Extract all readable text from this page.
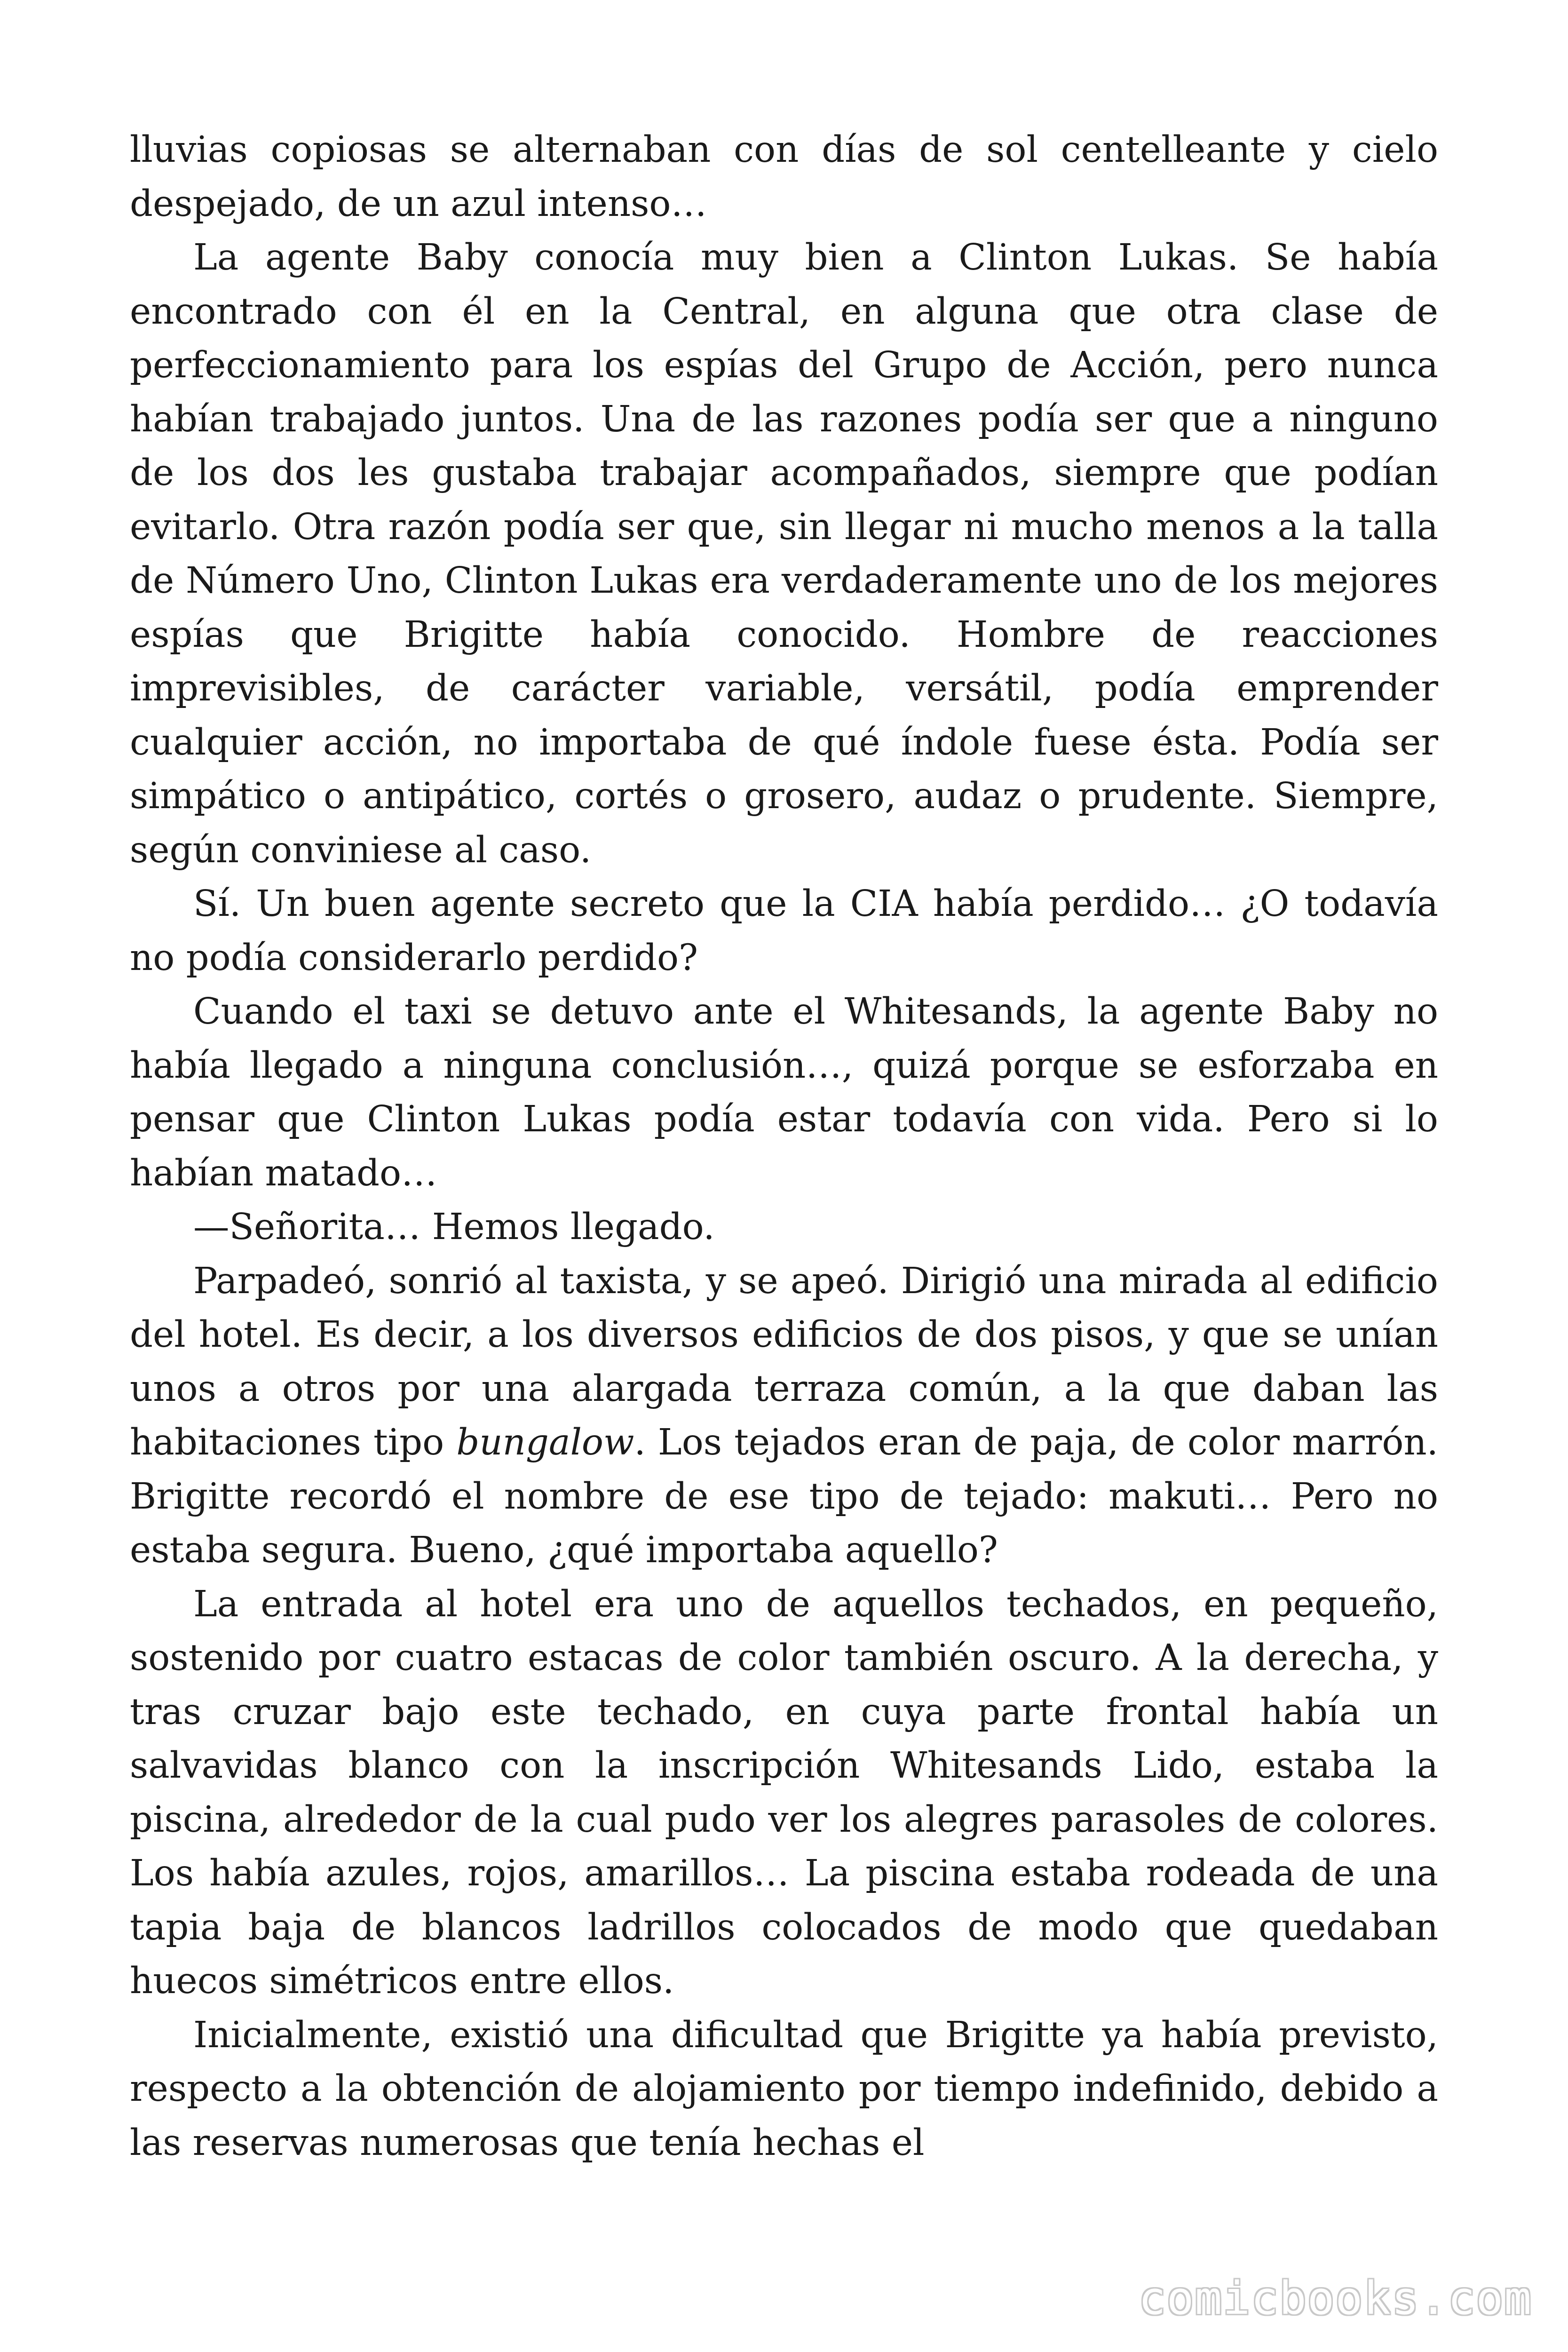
lluvias copiosas se alternaban con días de sol centelleante y cielo despejado, de un azul intenso…

La agente Baby conocía muy bien a Clinton Lukas. Se había encontrado con él en la Central, en alguna que otra clase de perfeccionamiento para los espías del Grupo de Acción, pero nunca habían trabajado juntos. Una de las razones podía ser que a ninguno de los dos les gustaba trabajar acompañados, siempre que podían evitarlo. Otra razón podía ser que, sin llegar ni mucho menos a la talla de Número Uno, Clinton Lukas era verdaderamente uno de los mejores espías que Brigitte había conocido. Hombre de reacciones imprevisibles, de carácter variable, versátil, podía emprender cualquier acción, no importaba de qué índole fuese ésta. Podía ser simpático o antipático, cortés o grosero, audaz o prudente. Siempre, según conviniese al caso.

Sí. Un buen agente secreto que la CIA había perdido… ¿O todavía no podía considerarlo perdido?

Cuando el taxi se detuvo ante el Whitesands, la agente Baby no había llegado a ninguna conclusión…, quizá porque se esforzaba en pensar que Clinton Lukas podía estar todavía con vida. Pero si lo habían matado…

—Señorita… Hemos llegado.

Parpadeó, sonrió al taxista, y se apeó. Dirigió una mirada al edificio del hotel. Es decir, a los diversos edificios de dos pisos, y que se unían unos a otros por una alargada terraza común, a la que daban las habitaciones tipo bungalow. Los tejados eran de paja, de color marrón. Brigitte recordó el nombre de ese tipo de tejado: makuti… Pero no estaba segura. Bueno, ¿qué importaba aquello?

La entrada al hotel era uno de aquellos techados, en pequeño, sostenido por cuatro estacas de color también oscuro. A la derecha, y tras cruzar bajo este techado, en cuya parte frontal había un salvavidas blanco con la inscripción Whitesands Lido, estaba la piscina, alrededor de la cual pudo ver los alegres parasoles de colores. Los había azules, rojos, amarillos… La piscina estaba rodeada de una tapia baja de blancos ladrillos colocados de modo que quedaban huecos simétricos entre ellos.

Inicialmente, existió una dificultad que Brigitte ya había previsto, respecto a la obtención de alojamiento por tiempo indefinido, debido a las reservas numerosas que tenía hechas el

comicbooks.com
